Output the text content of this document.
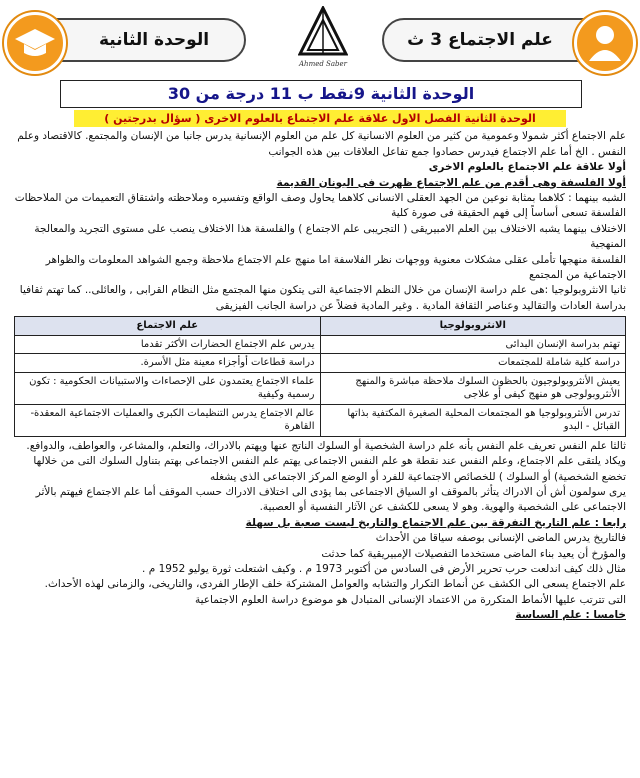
علم الاجتماع 3 ث
Ahmed Saber
الوحدة الثانية
الوحدة الثانية 9نقط ب 11 درجة من 30
الوحدة الثانية الفصل الاول علاقة علم الاجتماع بالعلوم الاخرى ( سؤال بدرجتين )

علم الاجتماع أكثر شمولا وعمومية من كثير من العلوم الانسانية كل علم من العلوم الإنسانية يدرس جانبا من الإنسان والمجتمع. كالاقتصاد وعلم النفس . الخ أما علم الاجتماع فيدرس حصادوا جمع تفاعل العلاقات بين هذه الجوانب

أولا علاقة علم الاجتماع بالعلوم الاخرى

أولا الفلسفة وهى أقدم من علم الاجتماع ظهرت فى اليونان القديمة

الشبه بينهما : كلاهما بمثابة نوعين من الجهد العقلى الانسانى كلاهما يحاول وصف الواقع وتفسيره وملاحظته واشتقاق التعميمات من الملاحظات الفلسفة تسعى أساساً إلى فهم الحقيقة فى صورة كلية

الاختلاف بينهما يشبه الاختلاف بين العلم الامبيريقى ( التجريبى علم الاجتماع ) والفلسفة هذا الاختلاف ينصب على مستوى التجريد والمعالجة المنهجية

الفلسفة منهجها تأملى عقلى مشكلات معنوية ووجهات نظر الفلاسفة اما منهج علم الاجتماع ملاحظة وجمع الشواهد المعلومات والظواهر الاجتماعية من المجتمع

ثانيا الانثروبولوجيا :هى علم دراسة الإنسان من خلال النظم الاجتماعية التى يتكون منها المجتمع مثل النظام القرابى , والعائلى.. كما تهتم ثقافيا بدراسة العادات والتقاليد وعناصر الثقافة المادية . وغير المادية فضلاً عن دراسة الجانب الفيزيقى

الانثروبولوجيا	علم الاجتماع
تهتم بدراسة الإنسان البدائى	يدرس علم الاجتماع الحضارات الأكثر تقدما
دراسة كلية شاملة للمجتمعات	دراسة قطاعات أوأجزاء معينة مثل الأسرة.
يعيش الأنثروبولوجيون بالحظون السلوك ملاحظة مباشرة والمنهج الأنثروبولوجى هو منهج كيفى أو علاجى	علماء الاجتماع يعتمدون على الإحصاءات والاستبيانات الحكومية : تكون رسمية وكيفية
تدرس الأنثروبولوجيا هو المجتمعات المحلية الصغيرة المكتفية بذاتها القبائل - البدو	عالم الاجتماع يدرس التنظيمات الكبرى والعمليات الاجتماعية المعقدة-القاهرة

ثالثا علم النفس تعريف علم النفس بأنه علم دراسة الشخصية أو السلوك الناتج عنها ويهتم بالادراك، والتعلم، والمشاعر، والعواطف، والدوافع. ويكاد يلتقى علم الاجتماع، وعلم النفس عند نقطة هو علم النفس الاجتماعى يهتم علم النفس الاجتماعى بهتم بتناول السلوك التى من خلالها تخضع الشخصية) أو السلوك ) للخصائص الاجتماعية للفرد أو الوضع المركز الاجتماعى الذى يشغله

يرى سولمون أش أن الادراك يتأثر بالموقف او السياق الاجتماعى بما يؤدى الى اختلاف الادراك حسب الموقف أما علم الاجتماع فيهتم بالأثر الاجتماعى على الشخصية والهوية. وهو لا يسعى للكشف عن الآثار النفسية أو العصبية.

رابعا : علم التاريخ التفرقة بين علم الاجتماع والتاريخ ليست صعبة بل سهلة

فالتاريخ يدرس الماضى الإنسانى بوصفه سياقا من الأحداث

والمؤرخ أن يعيد بناء الماضى مستخدما التفصيلات الإمبيريقية كما حدثت

مثال ذلك كيف اندلعت حرب تحرير الأرض فى السادس من أكتوبر 1973 م . وكيف اشتعلت ثورة يوليو 1952 م .

علم الاجتماع يسعى الى الكشف عن أنماط التكرار والتشابه والعوامل المشتركة خلف الإطار الفردى، والتاريخى، والزمانى لهذه الأحداث.

التى تترتب عليها الأنماط المتكررة من الاعتماد الإنسانى المتبادل هو موضوع دراسة العلوم الاجتماعية

خامسا : علم السياسة
